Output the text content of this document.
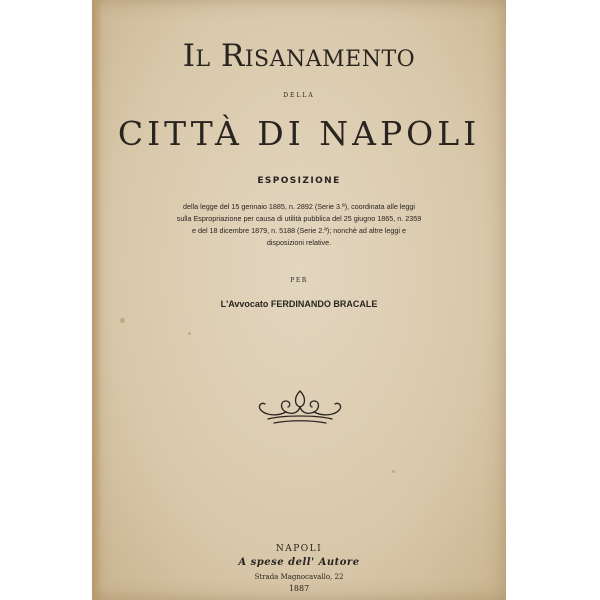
Il Risanamento
DELLA
CITTÀ DI NAPOLI
ESPOSIZIONE
della legge del 15 gennaio 1885, n. 2892 (Serie 3.ª), coordinata alle leggi
sulla Espropriazione per causa di utilità pubblica del 25 giugno 1865, n. 2359
e del 18 dicembre 1879, n. 5188 (Serie 2.ª); nonchè ad altre leggi e
disposizioni relative.
PER
L'Avvocato FERDINANDO BRACALE
NAPOLI
A spese dell' Autore
Strada Magnocavallo, 22
1887
